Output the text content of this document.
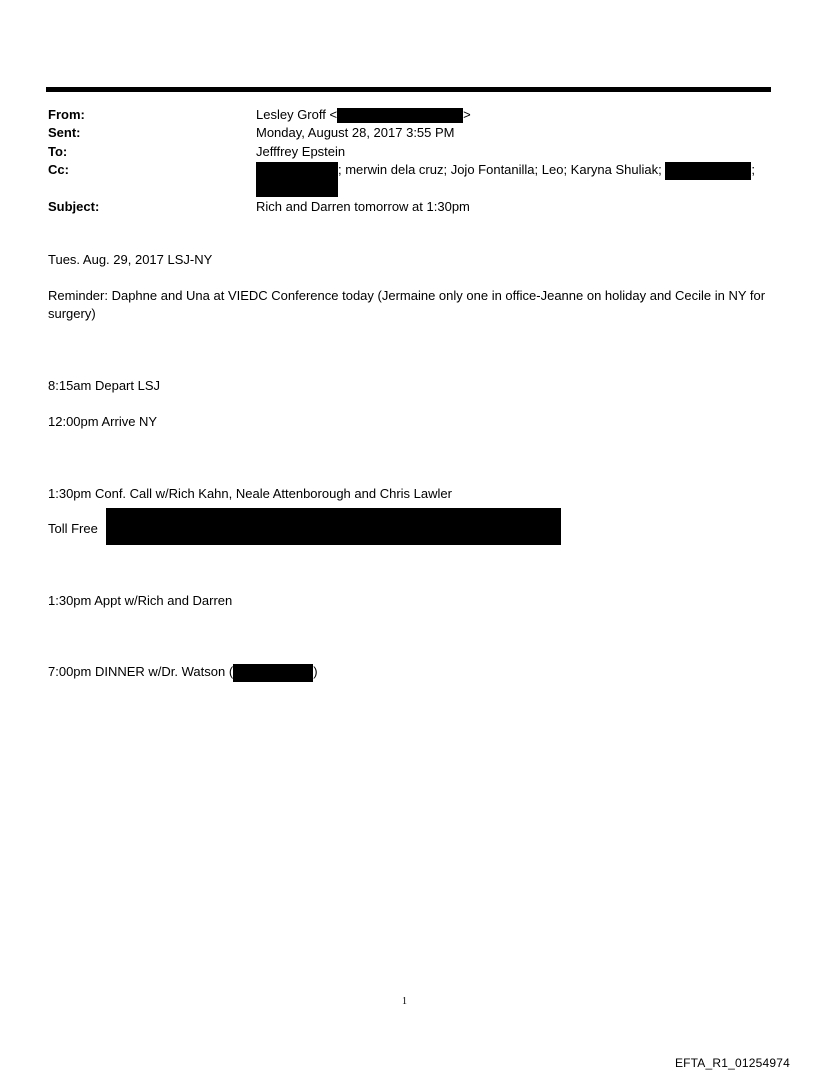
From:	Lesley Groff <	>
Sent:	Monday, August 28, 2017 3:55 PM
To:	Jefffrey Epstein
Cc:	; merwin dela cruz; Jojo Fontanilla; Leo; Karyna Shuliak;	;
Subject:	Rich and Darren tomorrow at 1:30pm
Tues. Aug. 29, 2017 LSJ-NY
Reminder: Daphne and Una at VIEDC Conference today (Jermaine only one in office-Jeanne on holiday and Cecile in NY for surgery)
8:15am Depart LSJ
12:00pm Arrive NY
1:30pm Conf. Call w/Rich Kahn, Neale Attenborough and Chris Lawler
Toll Free
1:30pm Appt w/Rich and Darren
7:00pm DINNER w/Dr. Watson (	)
1
EFTA_R1_01254974
